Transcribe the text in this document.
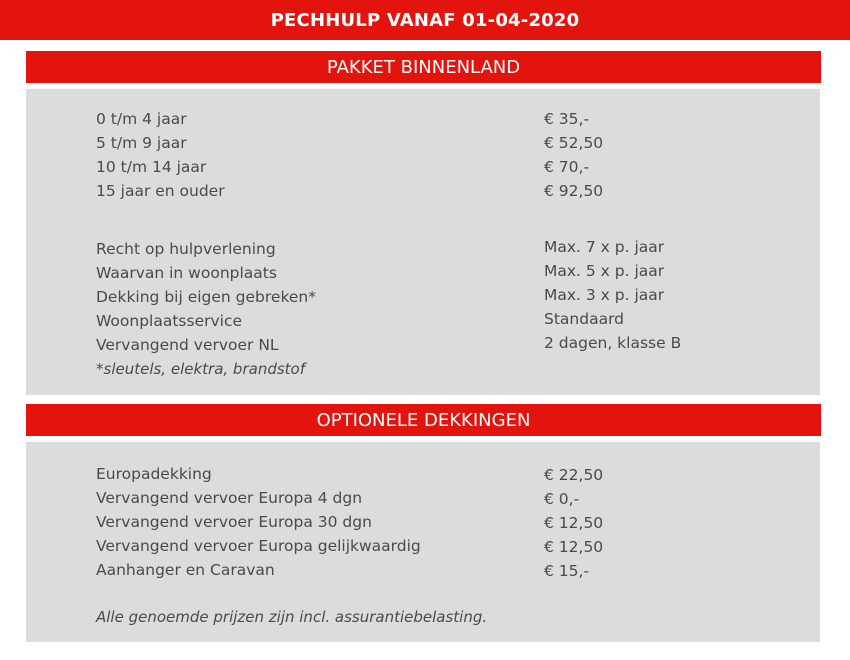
PECHHULP VANAF 01-04-2020
PAKKET BINNENLAND
0 t/m 4 jaar	€ 35,-
5 t/m 9 jaar	€ 52,50
10 t/m 14 jaar	€ 70,-
15 jaar en ouder	€ 92,50
Recht op hulpverlening	Max. 7 x p. jaar
Waarvan in woonplaats	Max. 5 x p. jaar
Dekking bij eigen gebreken*	Max. 3 x p. jaar
Woonplaatsservice	Standaard
Vervangend vervoer NL	2 dagen, klasse B
*sleutels, elektra, brandstof
OPTIONELE DEKKINGEN
Europadekking	€ 22,50
Vervangend vervoer Europa 4 dgn	€ 0,-
Vervangend vervoer Europa 30 dgn	€ 12,50
Vervangend vervoer Europa gelijkwaardig	€ 12,50
Aanhanger en Caravan	€ 15,-
Alle genoemde prijzen zijn incl. assurantiebelasting.
